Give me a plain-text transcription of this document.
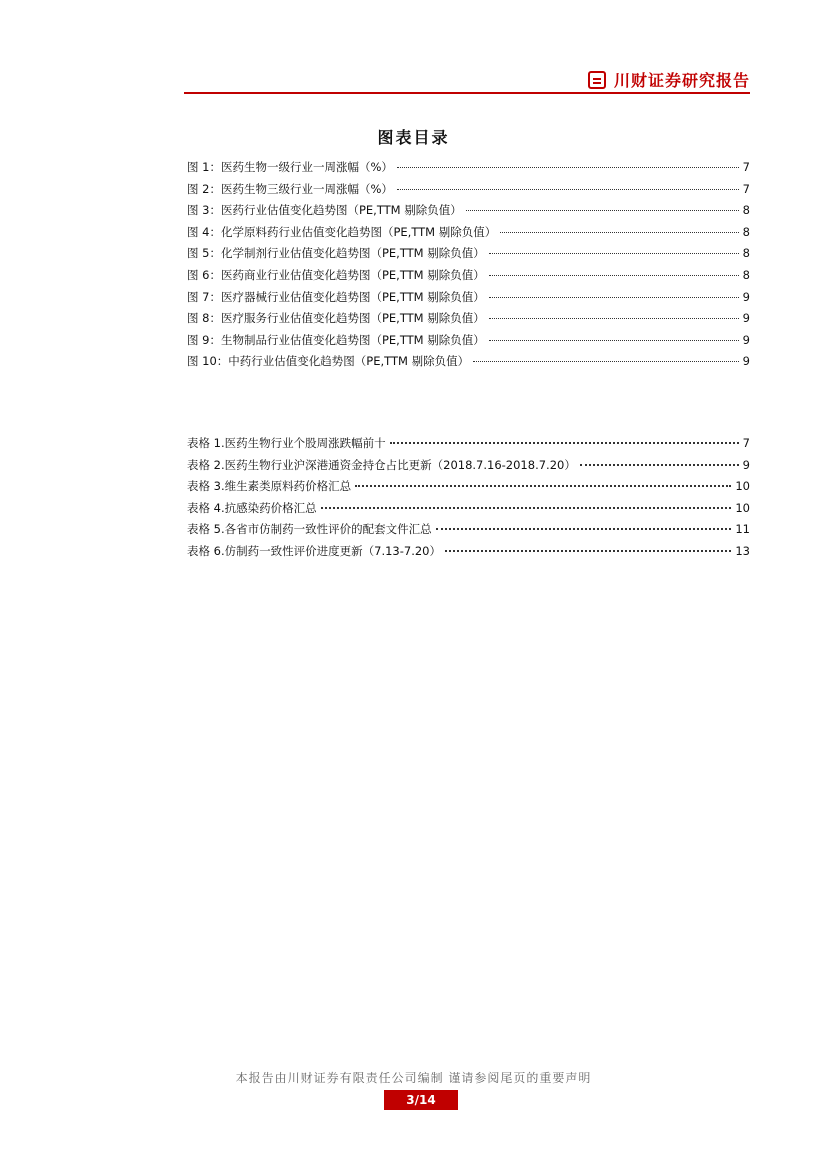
川财证券研究报告
图表目录
图 1：医药生物一级行业一周涨幅（%）	7
图 2：医药生物三级行业一周涨幅（%）	7
图 3：医药行业估值变化趋势图（PE,TTM 剔除负值）	8
图 4：化学原料药行业估值变化趋势图（PE,TTM 剔除负值）	8
图 5：化学制剂行业估值变化趋势图（PE,TTM 剔除负值）	8
图 6：医药商业行业估值变化趋势图（PE,TTM 剔除负值）	8
图 7：医疗器械行业估值变化趋势图（PE,TTM 剔除负值）	9
图 8：医疗服务行业估值变化趋势图（PE,TTM 剔除负值）	9
图 9：生物制品行业估值变化趋势图（PE,TTM 剔除负值）	9
图 10：中药行业估值变化趋势图（PE,TTM 剔除负值）	9
表格 1.医药生物行业个股周涨跌幅前十	7
表格 2.医药生物行业沪深港通资金持仓占比更新（2018.7.16-2018.7.20）	9
表格 3.维生素类原料药价格汇总	10
表格 4.抗感染药价格汇总	10
表格 5.各省市仿制药一致性评价的配套文件汇总	11
表格 6.仿制药一致性评价进度更新（7.13-7.20）	13
本报告由川财证券有限责任公司编制 谨请参阅尾页的重要声明
3/14
